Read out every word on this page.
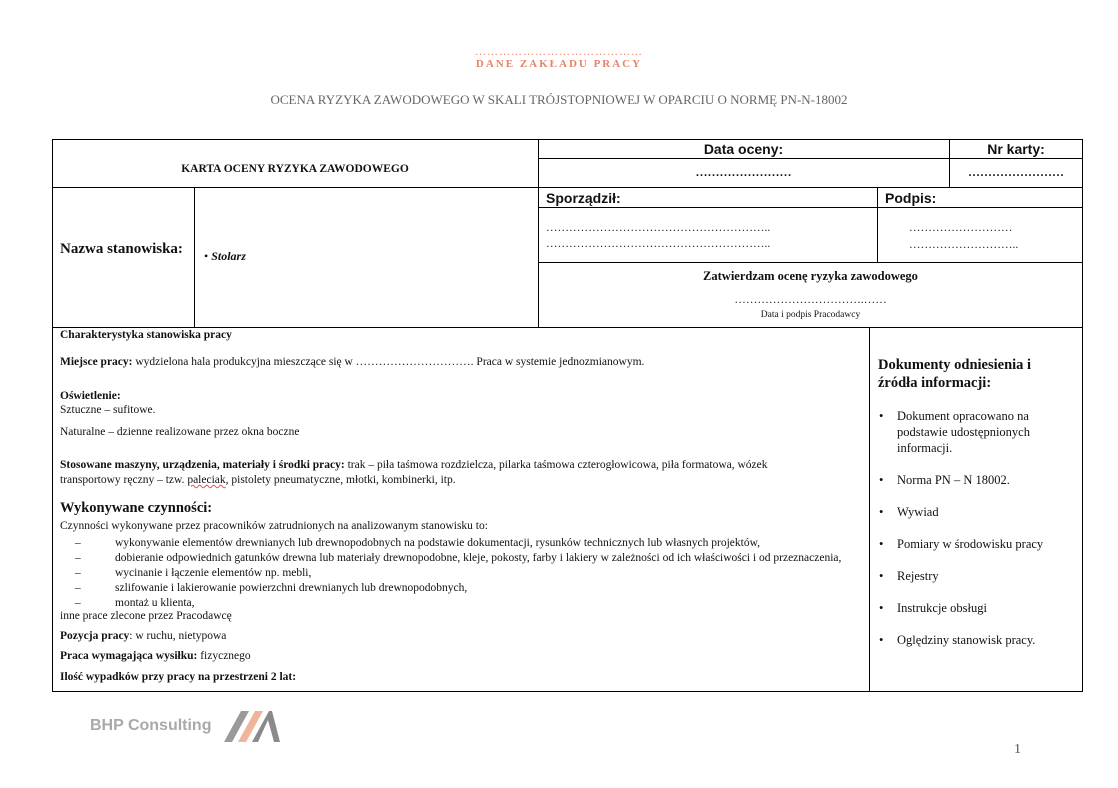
……………………………………
DANE ZAKŁADU PRACY
OCENA RYZYKA ZAWODOWEGO W SKALI TRÓJSTOPNIOWEJ W OPARCIU O NORMĘ PN-N-18002
KARTA OCENY RYZYKA ZAWODOWEGO
Data oceny:
……………………
Nr karty:
……………………
Nazwa stanowiska:	• Stolarz
Sporządził:
…………………………………………………..
…………………………………………………..
Podpis:
………………………
………………………..
Zatwierdzam ocenę ryzyka zawodowego
…………………………….……
Data i podpis Pracodawcy
Charakterystyka stanowiska pracy
Miejsce pracy: wydzielona hala produkcyjna mieszczące się w …………………………. Praca w systemie jednozmianowym.
Oświetlenie:
Sztuczne – sufitowe.
Naturalne – dzienne realizowane przez okna boczne
Stosowane maszyny, urządzenia, materiały i środki pracy: trak – piła taśmowa rozdzielcza, pilarka taśmowa czterogłowicowa, piła formatowa, wózek
transportowy ręczny – tzw. paleciak, pistolety pneumatyczne, młotki, kombinerki, itp.
Wykonywane czynności:
Czynności wykonywane przez pracowników zatrudnionych na analizowanym stanowisku to:
–	wykonywanie elementów drewnianych lub drewnopodobnych na podstawie dokumentacji, rysunków technicznych lub własnych projektów,
–	dobieranie odpowiednich gatunków drewna lub materiały drewnopodobne, kleje, pokosty, farby i lakiery w zależności od ich właściwości i od przeznaczenia,
–	wycinanie i łączenie elementów np. mebli,
–	szlifowanie i lakierowanie powierzchni drewnianych lub drewnopodobnych,
–	montaż u klienta,
inne prace zlecone przez Pracodawcę
Pozycja pracy: w ruchu, nietypowa
Praca wymagająca wysiłku: fizycznego
Ilość wypadków przy pracy na przestrzeni 2 lat:
Dokumenty odniesienia i
źródła informacji:
• Dokument opracowano na podstawie udostępnionych informacji.
• Norma PN – N 18002.
• Wywiad
• Pomiary w środowisku pracy
• Rejestry
• Instrukcje obsługi
• Oględziny stanowisk pracy.
BHP Consulting
1
